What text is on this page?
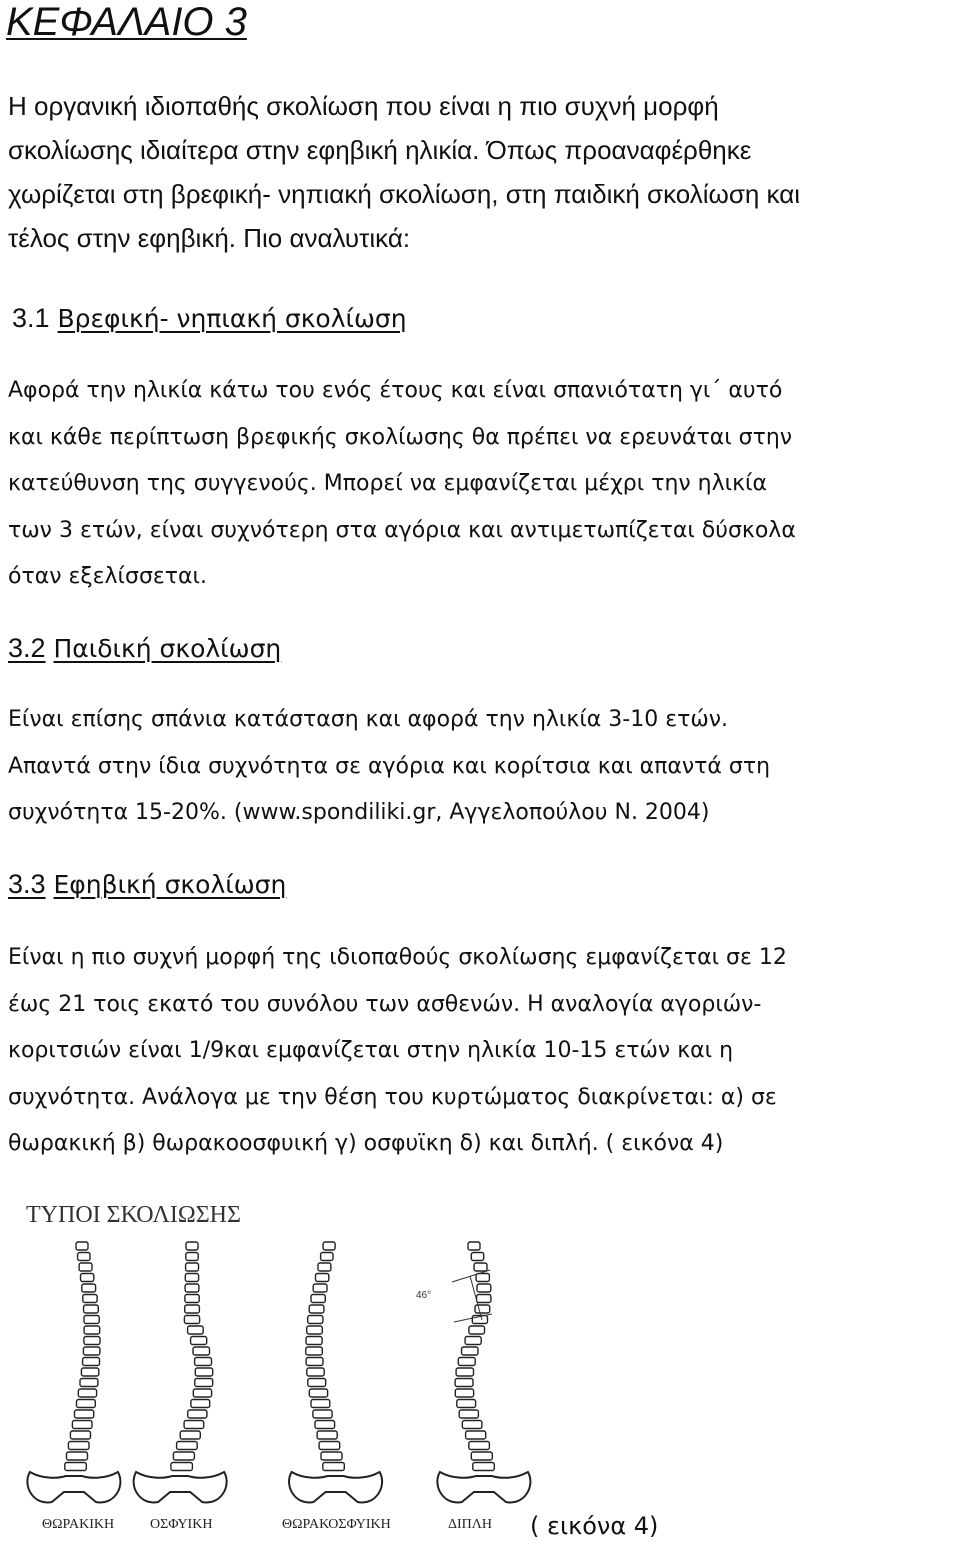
ΚΕΦΑΛΑΙΟ 3

Η οργανική ιδιοπαθής σκολίωση που είναι η πιο συχνή μορφή
σκολίωσης ιδιαίτερα στην εφηβική ηλικία. Όπως προαναφέρθηκε
χωρίζεται στη βρεφική- νηπιακή σκολίωση, στη παιδική σκολίωση και
τέλος στην εφηβική. Πιο αναλυτικά:

3.1 Βρεφική- νηπιακή σκολίωση

Αφορά την ηλικία κάτω του ενός έτους και είναι σπανιότατη γι΄ αυτό
και κάθε περίπτωση βρεφικής σκολίωσης θα πρέπει να ερευνάται στην
κατεύθυνση της συγγενούς. Μπορεί να εμφανίζεται μέχρι την ηλικία
των 3 ετών, είναι συχνότερη στα αγόρια και αντιμετωπίζεται δύσκολα
όταν εξελίσσεται.

3.2 Παιδική σκολίωση

Είναι επίσης σπάνια κατάσταση και αφορά την ηλικία 3-10 ετών.
Απαντά στην ίδια συχνότητα σε αγόρια και κορίτσια και απαντά στη
συχνότητα 15-20%. (www.spondiliki.gr, Αγγελοπούλου Ν. 2004)

3.3 Εφηβική σκολίωση

Είναι η πιο συχνή μορφή της ιδιοπαθούς σκολίωσης εμφανίζεται σε 12
έως 21 τοις εκατό του συνόλου των ασθενών. Η αναλογία αγοριών-
κοριτσιών είναι 1/9και εμφανίζεται στην ηλικία 10-15 ετών και η
συχνότητα. Ανάλογα με την θέση του κυρτώματος διακρίνεται: α) σε
θωρακική β) θωρακοοσφυική γ) οσφυϊκη δ) και διπλή. ( εικόνα 4)

ΤΥΠΟΙ ΣΚΟΛΙΩΣΗΣ
ΘΩΡΑΚΙΚΗ	ΟΣΦΥΙΚΗ	ΘΩΡΑΚΟΣΦΥΙΚΗ	ΔΙΠΛΗ
46°

( εικόνα 4)
